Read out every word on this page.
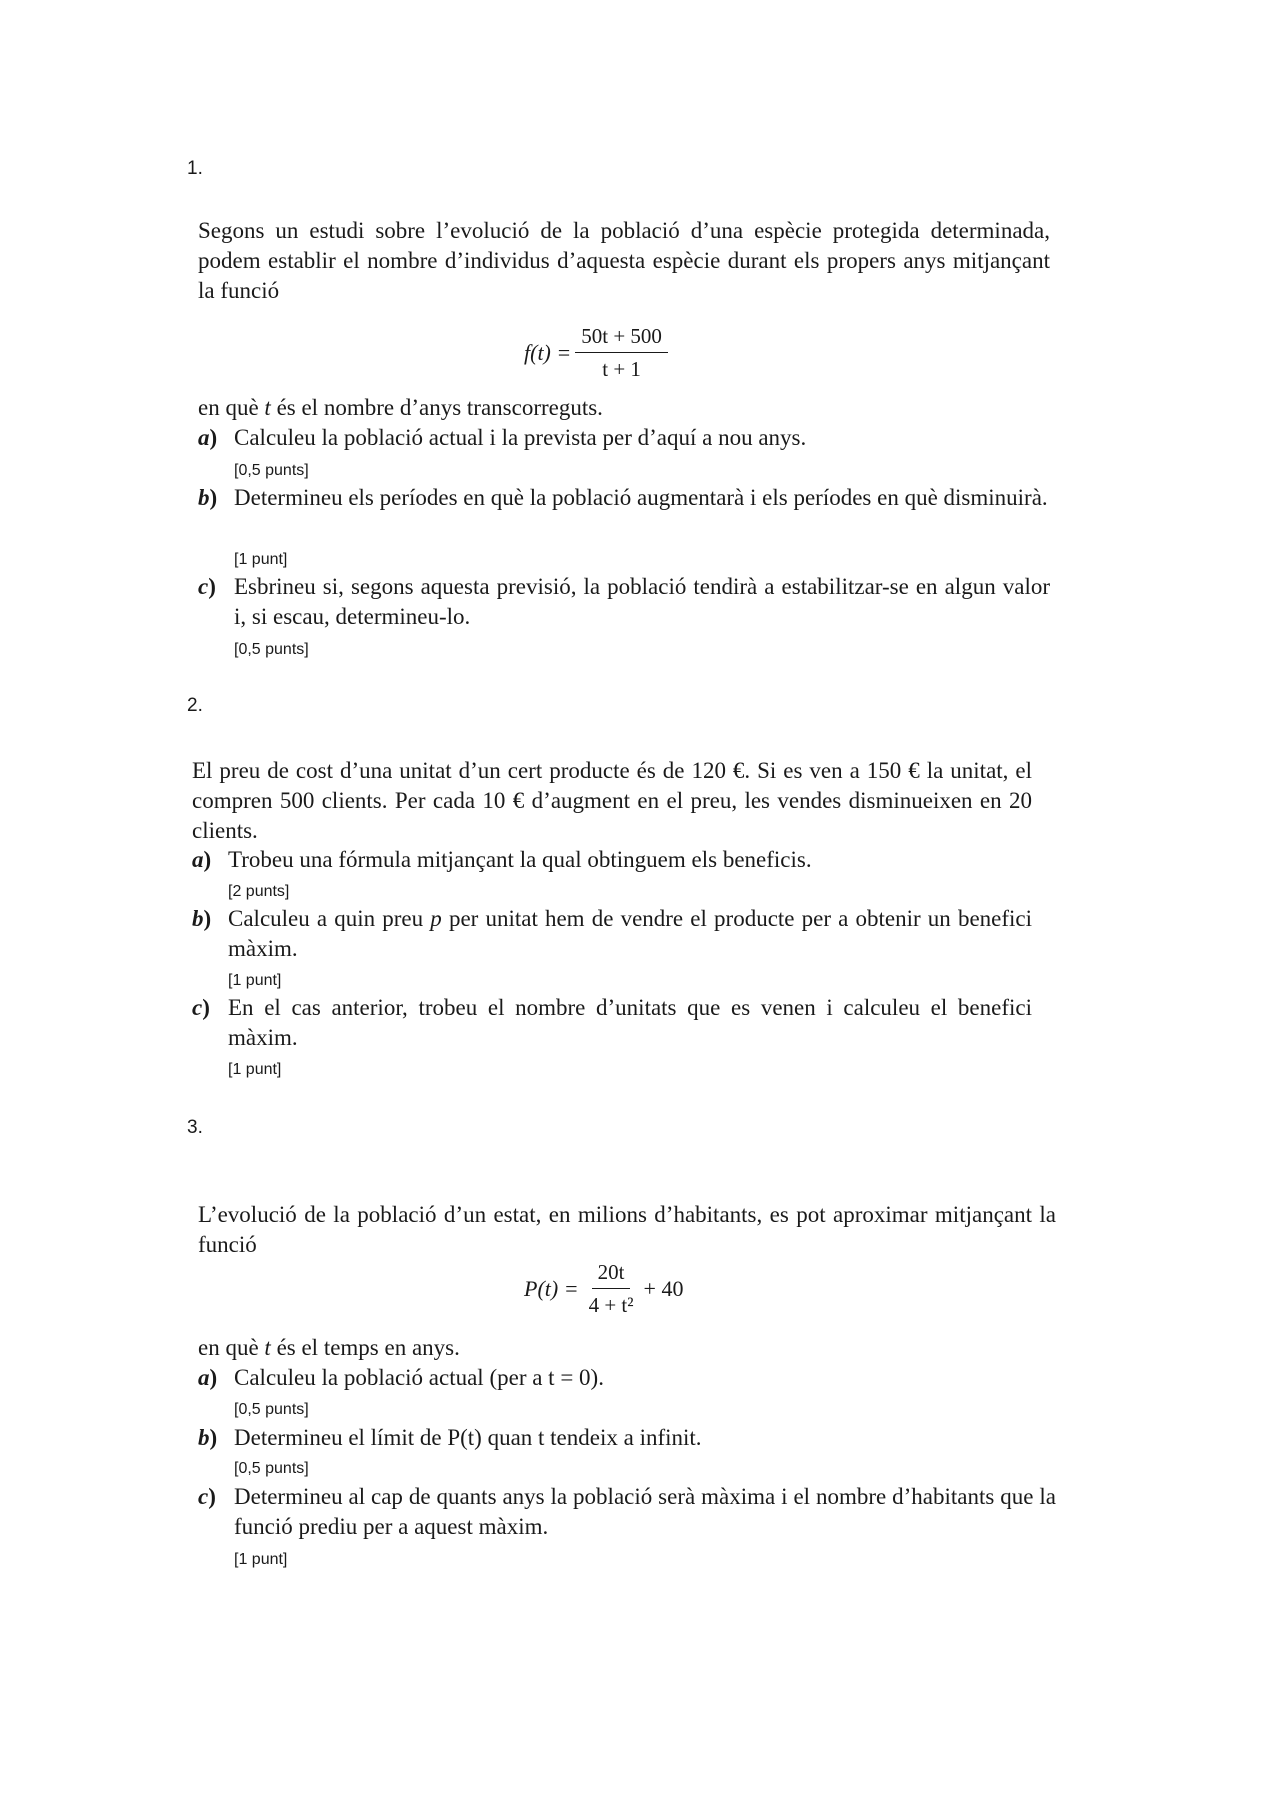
1.
Segons un estudi sobre l’evolució de la població d’una espècie protegida determinada, podem establir el nombre d’individus d’aquesta espècie durant els propers anys mitjançant la funció
$f(t) = \frac{50t + 500}{t + 1}$
en què t és el nombre d’anys transcorreguts.
a) Calculeu la població actual i la prevista per d’aquí a nou anys.
[0,5 punts]
b) Determineu els períodes en què la població augmentarà i els períodes en què disminuirà.
[1 punt]
c) Esbrineu si, segons aquesta previsió, la població tendirà a estabilitzar-se en algun valor i, si escau, determineu-lo.
[0,5 punts]
2.
El preu de cost d’una unitat d’un cert producte és de 120 €. Si es ven a 150 € la unitat, el compren 500 clients. Per cada 10 € d’augment en el preu, les vendes disminueixen en 20 clients.
a) Trobeu una fórmula mitjançant la qual obtinguem els beneficis.
[2 punts]
b) Calculeu a quin preu p per unitat hem de vendre el producte per a obtenir un benefici màxim.
[1 punt]
c) En el cas anterior, trobeu el nombre d’unitats que es venen i calculeu el benefici màxim.
[1 punt]
3.
L’evolució de la població d’un estat, en milions d’habitants, es pot aproximar mitjançant la funció
$P(t) = \frac{20t}{\text{4 + t²}} + 40$
en què t és el temps en anys.
a) Calculeu la població actual (per a t = 0).
[0,5 punts]
b) Determineu el límit de P(t) quan t tendeix a infinit.
[0,5 punts]
c) Determineu al cap de quants anys la població serà màxima i el nombre d’habitants que la funció prediu per a aquest màxim.
[1 punt]
